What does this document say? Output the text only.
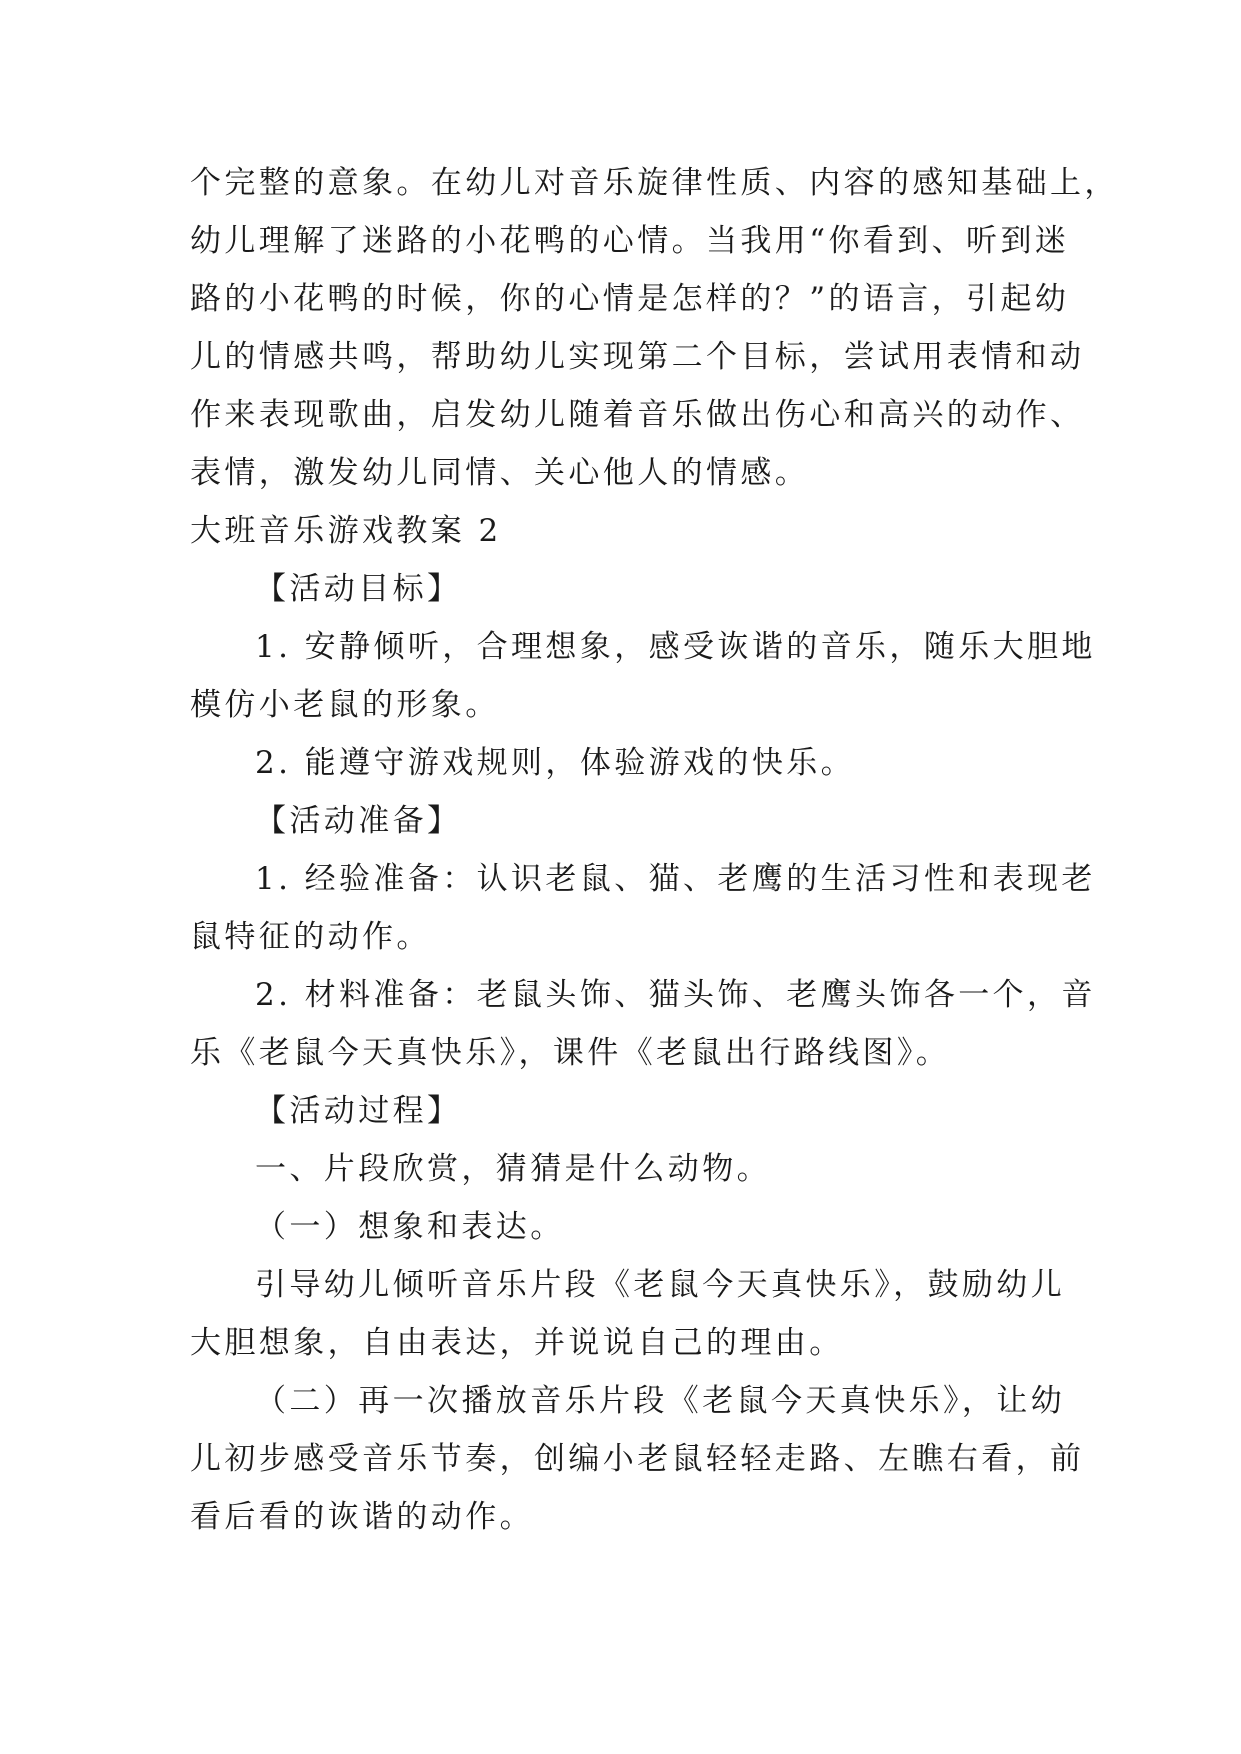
个完整的意象。在幼儿对音乐旋律性质、内容的感知基础上，
幼儿理解了迷路的小花鸭的心情。当我用“你看到、听到迷
路的小花鸭的时候，你的心情是怎样的？”的语言，引起幼
儿的情感共鸣，帮助幼儿实现第二个目标，尝试用表情和动
作来表现歌曲，启发幼儿随着音乐做出伤心和高兴的动作、
表情，激发幼儿同情、关心他人的情感。
大班音乐游戏教案 2
【活动目标】
1. 安静倾听，合理想象，感受诙谐的音乐，随乐大胆地
模仿小老鼠的形象。
2. 能遵守游戏规则，体验游戏的快乐。
【活动准备】
1. 经验准备：认识老鼠、猫、老鹰的生活习性和表现老
鼠特征的动作。
2. 材料准备：老鼠头饰、猫头饰、老鹰头饰各一个，音
乐《老鼠今天真快乐》，课件《老鼠出行路线图》。
【活动过程】
一、片段欣赏，猜猜是什么动物。
（一）想象和表达。
引导幼儿倾听音乐片段《老鼠今天真快乐》，鼓励幼儿
大胆想象，自由表达，并说说自己的理由。
（二）再一次播放音乐片段《老鼠今天真快乐》，让幼
儿初步感受音乐节奏，创编小老鼠轻轻走路、左瞧右看，前
看后看的诙谐的动作。
